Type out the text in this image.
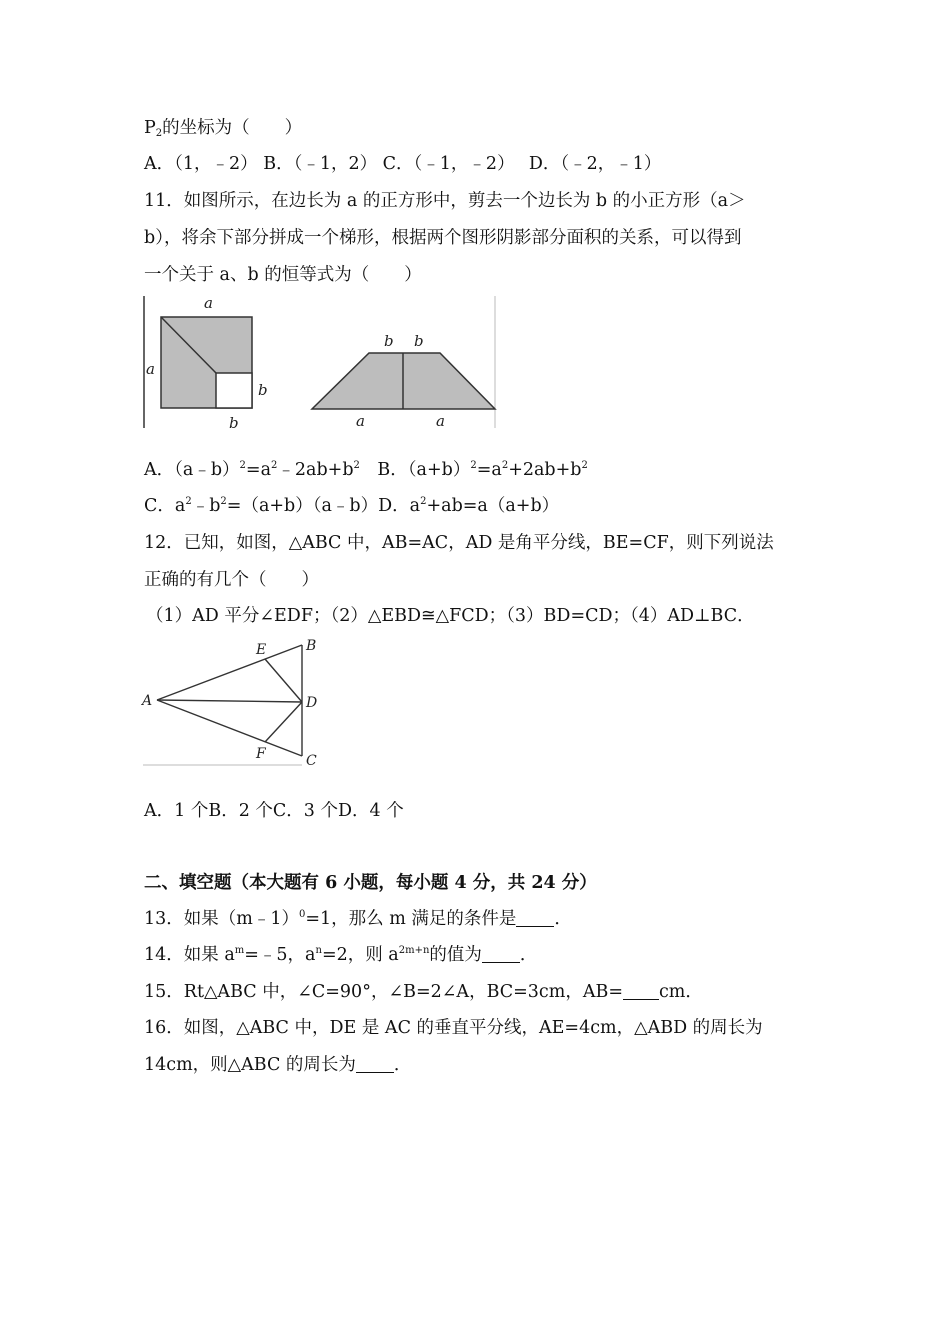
$P_2$的坐标为（　　）
A．（1，﹣2） B．（﹣1，2） C．（﹣1，﹣2）　 D．（﹣2，﹣1）
11．如图所示，在边长为 a 的正方形中，剪去一个边长为 b 的小正方形（a＞
b），将余下部分拼成一个梯形，根据两个图形阴影部分面积的关系，可以得到
一个关于 a、b 的恒等式为（　　）
a
a
b
b
b b
a	a
A．$(a﹣b)^2=a^2﹣2ab+b^2$　B．$(a+b)^2=a^2+2ab+b^2$
C．$a^2﹣b^2=(a+b)(a﹣b)D$．$a^2+ab=a(a+b)$
12．已知，如图，△ABC 中，AB=AC，AD 是角平分线，BE=CF，则下列说法
正确的有几个（　　）
（1）AD 平分∠EDF；（2）△EBD≅△FCD；（3）BD=CD；（4）AD⊥BC．
A
B
C
D
E
F
A．1 个B．2 个C．3 个D．4 个
二、填空题（本大题有 6 小题，每小题 4 分，共 24 分）
13．如果（m﹣1）$^0$=1，那么 m 满足的条件是 ．
14．如果 $a^m=﹣5$，$a^n=2$，则 $a^{2m+n}$的值为 ．
15．Rt△ABC 中，∠C=90°，∠B=2∠A，BC=3cm，AB= cm．
16．如图，△ABC 中，DE 是 AC 的垂直平分线，AE=4cm，△ABD 的周长为
14cm，则△ABC 的周长为 ．
